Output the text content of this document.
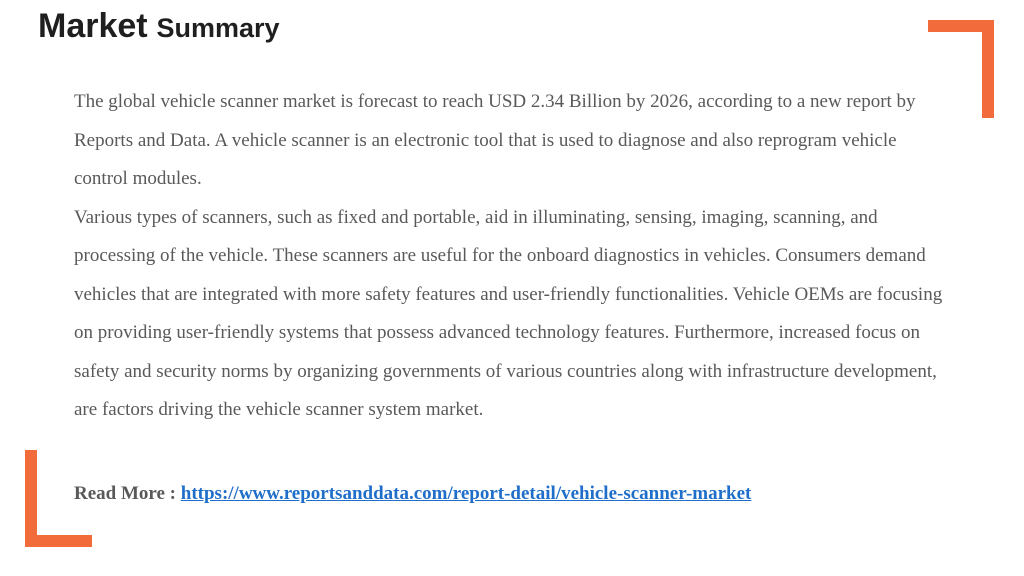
Market Summary

The global vehicle scanner market is forecast to reach USD 2.34 Billion by 2026, according to a new report by Reports and Data. A vehicle scanner is an electronic tool that is used to diagnose and also reprogram vehicle control modules.

Various types of scanners, such as fixed and portable, aid in illuminating, sensing, imaging, scanning, and processing of the vehicle. These scanners are useful for the onboard diagnostics in vehicles. Consumers demand vehicles that are integrated with more safety features and user-friendly functionalities. Vehicle OEMs are focusing on providing user-friendly systems that possess advanced technology features. Furthermore, increased focus on safety and security norms by organizing governments of various countries along with infrastructure development, are factors driving the vehicle scanner system market.

Read More : https://www.reportsanddata.com/report-detail/vehicle-scanner-market
